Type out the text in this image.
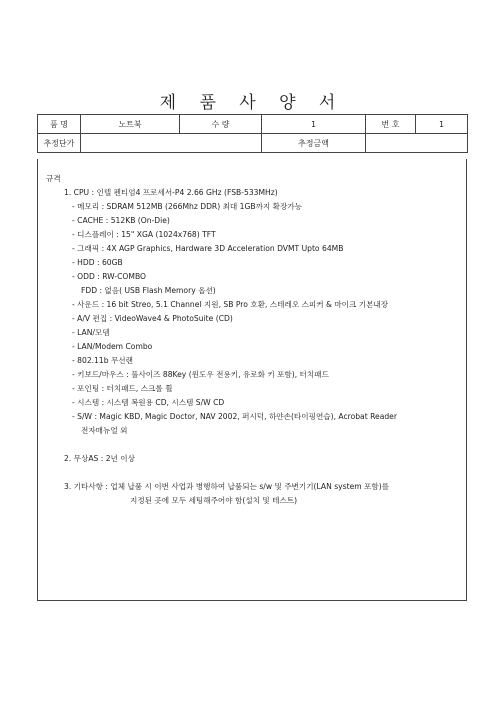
제 품 사 양 서
품 명	노트북	수 량	1	번 호	1
추정단가			추정금액		
규격
1. CPU : 인텔 펜티엄4 프로세서-P4 2.66 GHz (FSB-533MHz)
- 메모리 : SDRAM 512MB (266Mhz DDR) 최대 1GB까지 확장가능
- CACHE : 512KB (On-Die)
- 디스플레이 : 15" XGA (1024x768) TFT
- 그래픽 : 4X AGP Graphics, Hardware 3D Acceleration DVMT Upto 64MB
- HDD : 60GB
- ODD : RW-COMBO
FDD : 없음( USB Flash Memory 옵션)
- 사운드 : 16 bit Streo, 5.1 Channel 지원, SB Pro 호환, 스테레오 스피커 & 마이크 기본내장
- A/V 편집 : VideoWave4 & PhotoSuite (CD)
- LAN/모뎀
- LAN/Modem Combo
- 802.11b 무선랜
- 키보드/마우스 : 풀사이즈 88Key (윈도우 전용키, 유로화 키 포함), 터치패드
- 포인팅 : 터치패드, 스크롤 휠
- 시스템 : 시스템 복원용 CD, 시스템 S/W CD
- S/W : Magic KBD, Magic Doctor, NAV 2002, 퍼시덕, 하얀손(타이핑연습), Acrobat Reader
전자매뉴얼 외
2. 무상AS : 2년 이상
3. 기타사항 : 업체 납품 시 이번 사업과 병행하여 납품되는 s/w 및 주변기기(LAN system 포함)를
지정된 곳에 모두 세팅해주어야 함(설치 및 테스트)
